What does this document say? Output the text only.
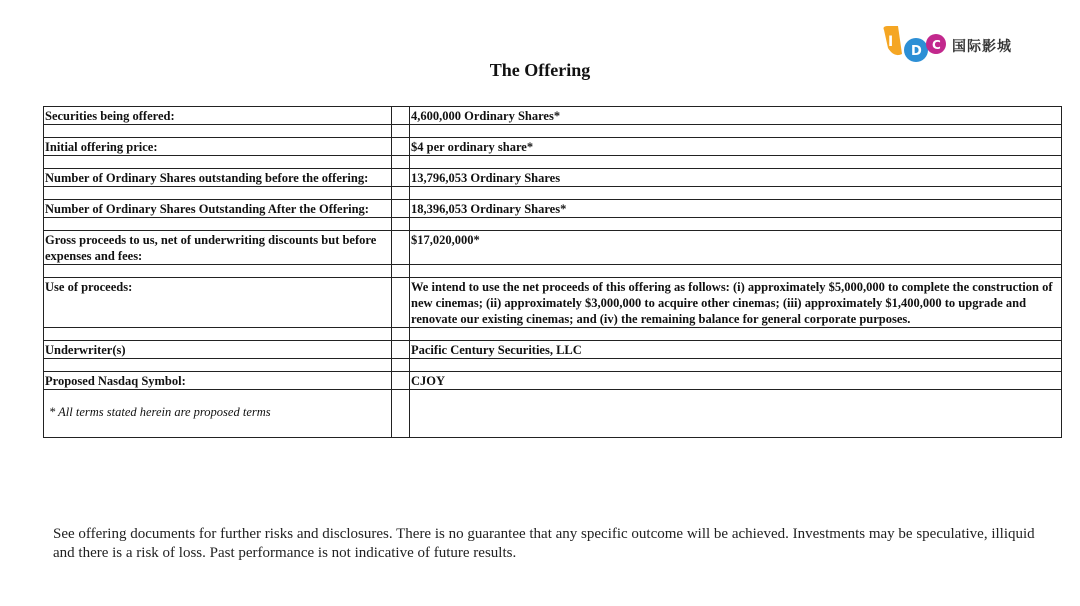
The Offering
I
D C 国际影城
Securities being offered:		4,600,000 Ordinary Shares*

Initial offering price:		$4 per ordinary share*

Number of Ordinary Shares outstanding before the offering:		13,796,053 Ordinary Shares

Number of Ordinary Shares Outstanding After the Offering:		18,396,053 Ordinary Shares*

Gross proceeds to us, net of underwriting discounts but before expenses and fees:		$17,020,000*

Use of proceeds:		We intend to use the net proceeds of this offering as follows: (i) approximately $5,000,000 to complete the construction of new cinemas; (ii) approximately $3,000,000 to acquire other cinemas; (iii) approximately $1,400,000 to upgrade and renovate our existing cinemas; and (iv) the remaining balance for general corporate purposes.

Underwriter(s)		Pacific Century Securities, LLC

Proposed Nasdaq Symbol:		CJOY
* All terms stated herein are proposed terms		
See offering documents for further risks and disclosures. There is no guarantee that any specific outcome will be achieved. Investments may be speculative, illiquid and there is a risk of loss. Past performance is not indicative of future results.
